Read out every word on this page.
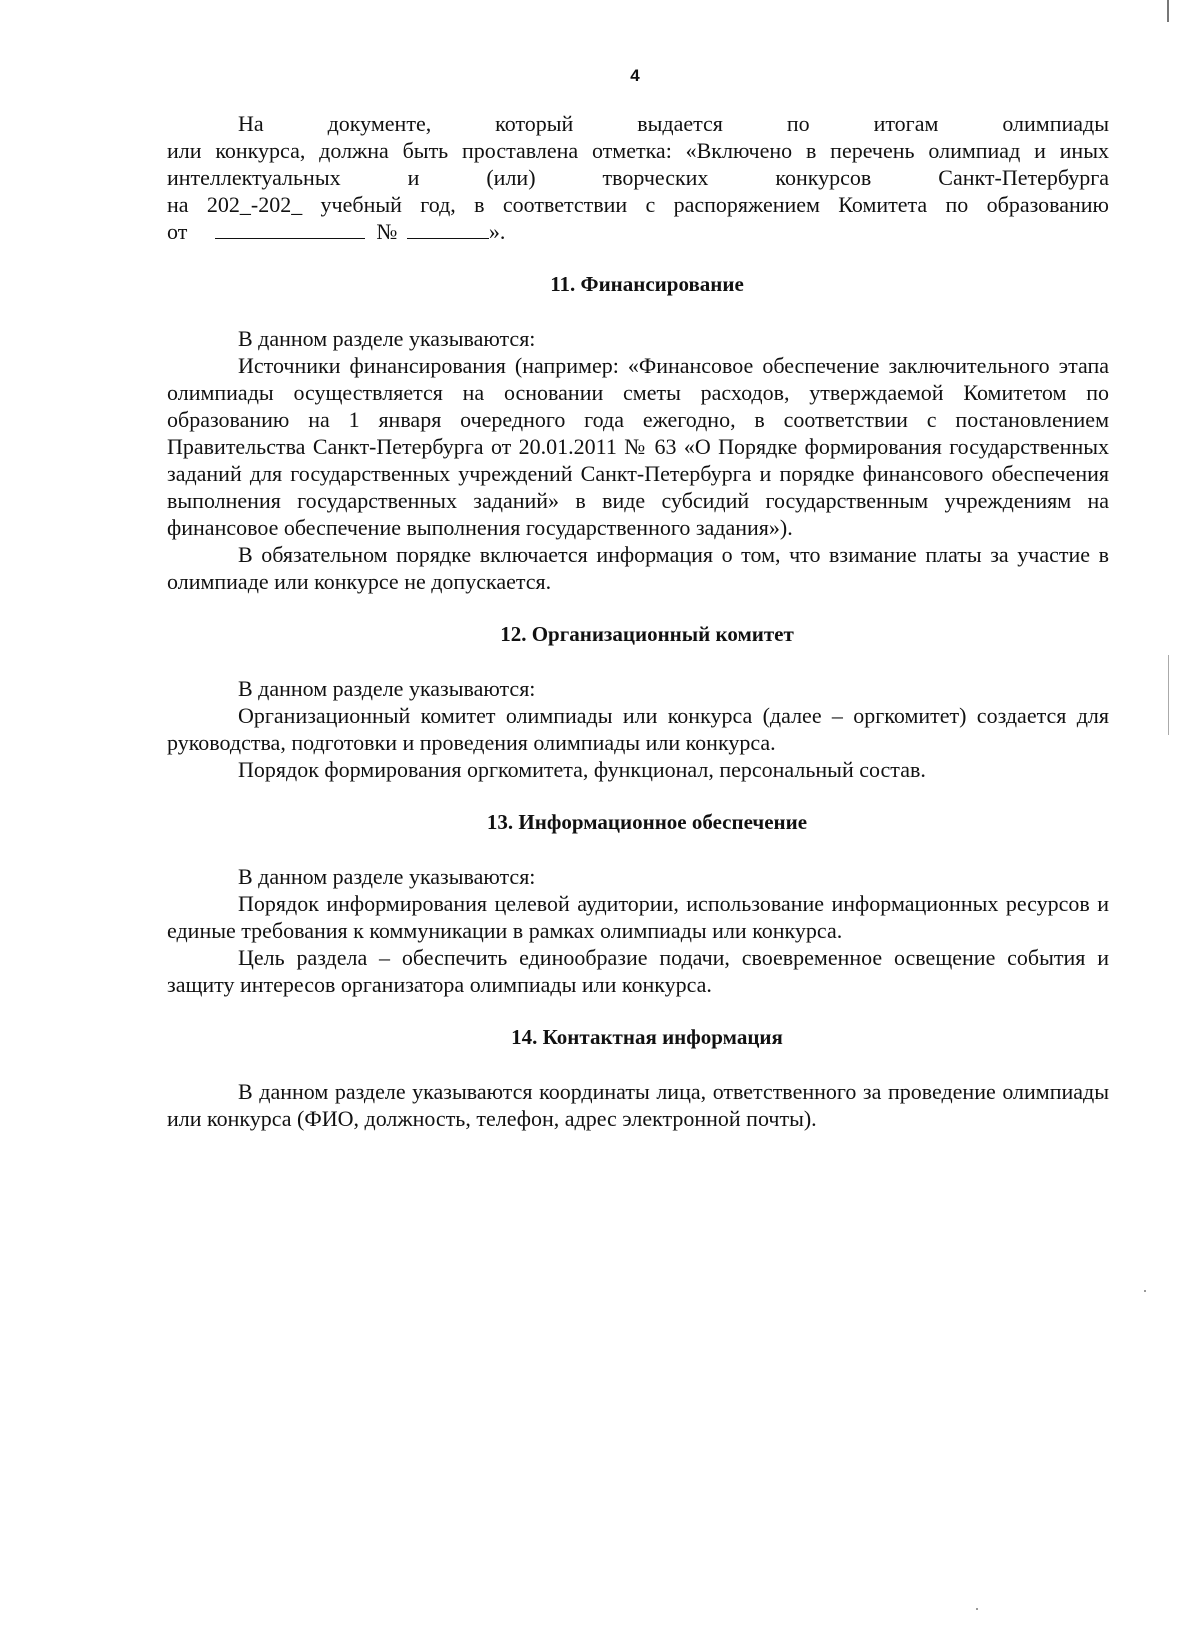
4
На документе, который выдается по итогам олимпиады
или конкурса, должна быть проставлена отметка: «Включено в перечень олимпиад и иных
интеллектуальных и (или) творческих конкурсов Санкт-Петербурга
на 202_-202_ учебный год, в соответствии с распоряжением Комитета по образованию
от	№	».
11. Финансирование

В данном разделе указываются:

Источники финансирования (например: «Финансовое обеспечение заключительного этапа олимпиады осуществляется на основании сметы расходов, утверждаемой Комитетом по образованию на 1 января очередного года ежегодно, в соответствии с постановлением Правительства Санкт-Петербурга от 20.01.2011 № 63 «О Порядке формирования государственных заданий для государственных учреждений Санкт-Петербурга и порядке финансового обеспечения выполнения государственных заданий» в виде субсидий государственным учреждениям на финансовое обеспечение выполнения государственного задания»).

В обязательном порядке включается информация о том, что взимание платы за участие в олимпиаде или конкурсе не допускается.

12. Организационный комитет

В данном разделе указываются:

Организационный комитет олимпиады или конкурса (далее – оргкомитет) создается для руководства, подготовки и проведения олимпиады или конкурса.

Порядок формирования оргкомитета, функционал, персональный состав.

13. Информационное обеспечение

В данном разделе указываются:

Порядок информирования целевой аудитории, использование информационных ресурсов и единые требования к коммуникации в рамках олимпиады или конкурса.

Цель раздела – обеспечить единообразие подачи, своевременное освещение события и защиту интересов организатора олимпиады или конкурса.

14. Контактная информация

В данном разделе указываются координаты лица, ответственного за проведение олимпиады или конкурса (ФИО, должность, телефон, адрес электронной почты).
